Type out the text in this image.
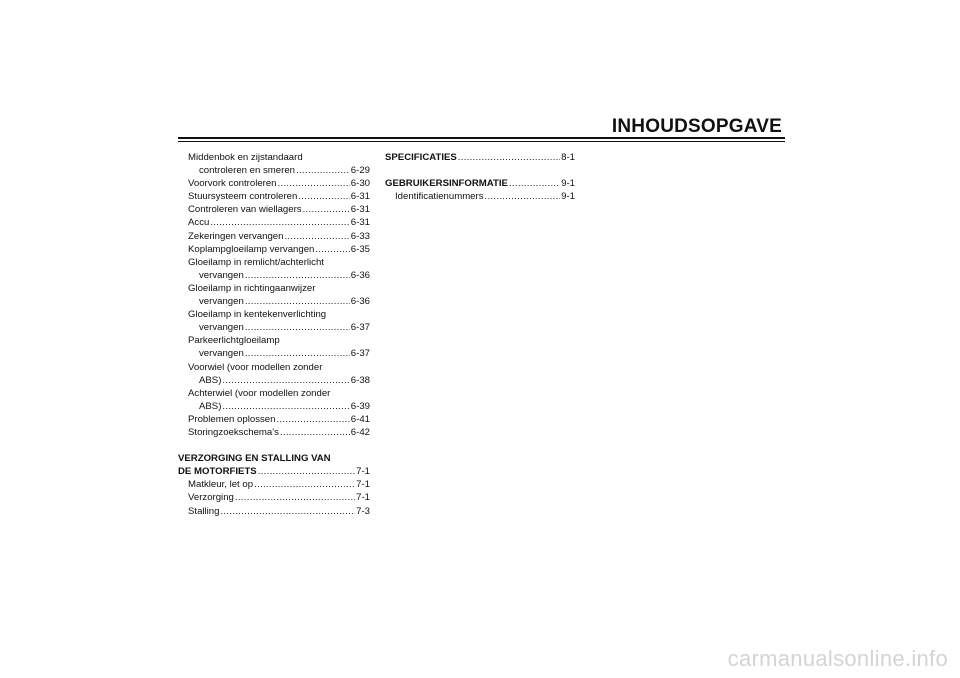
INHOUDSOPGAVE
Middenbok en zijstandaard
controleren en smeren .....	6-29
Voorvork controleren .....	6-30
Stuursysteem controleren .....	6-31
Controleren van wiellagers .....	6-31
Accu .....	6-31
Zekeringen vervangen .....	6-33
Koplampgloeilamp vervangen .....	6-35
Gloeilamp in remlicht/achterlicht
vervangen .....	6-36
Gloeilamp in richtingaanwijzer
vervangen .....	6-36
Gloeilamp in kentekenverlichting
vervangen .....	6-37
Parkeerlichtgloeilamp
vervangen .....	6-37
Voorwiel (voor modellen zonder
ABS) .....	6-38
Achterwiel (voor modellen zonder
ABS) .....	6-39
Problemen oplossen .....	6-41
Storingzoekschema's .....	6-42
VERZORGING EN STALLING VAN
DE MOTORFIETS .....	7-1
Matkleur, let op .....	7-1
Verzorging .....	7-1
Stalling .....	7-3
SPECIFICATIES .....	8-1
GEBRUIKERSINFORMATIE .....	9-1
Identificatienummers .....	9-1
carmanualsonline.info
